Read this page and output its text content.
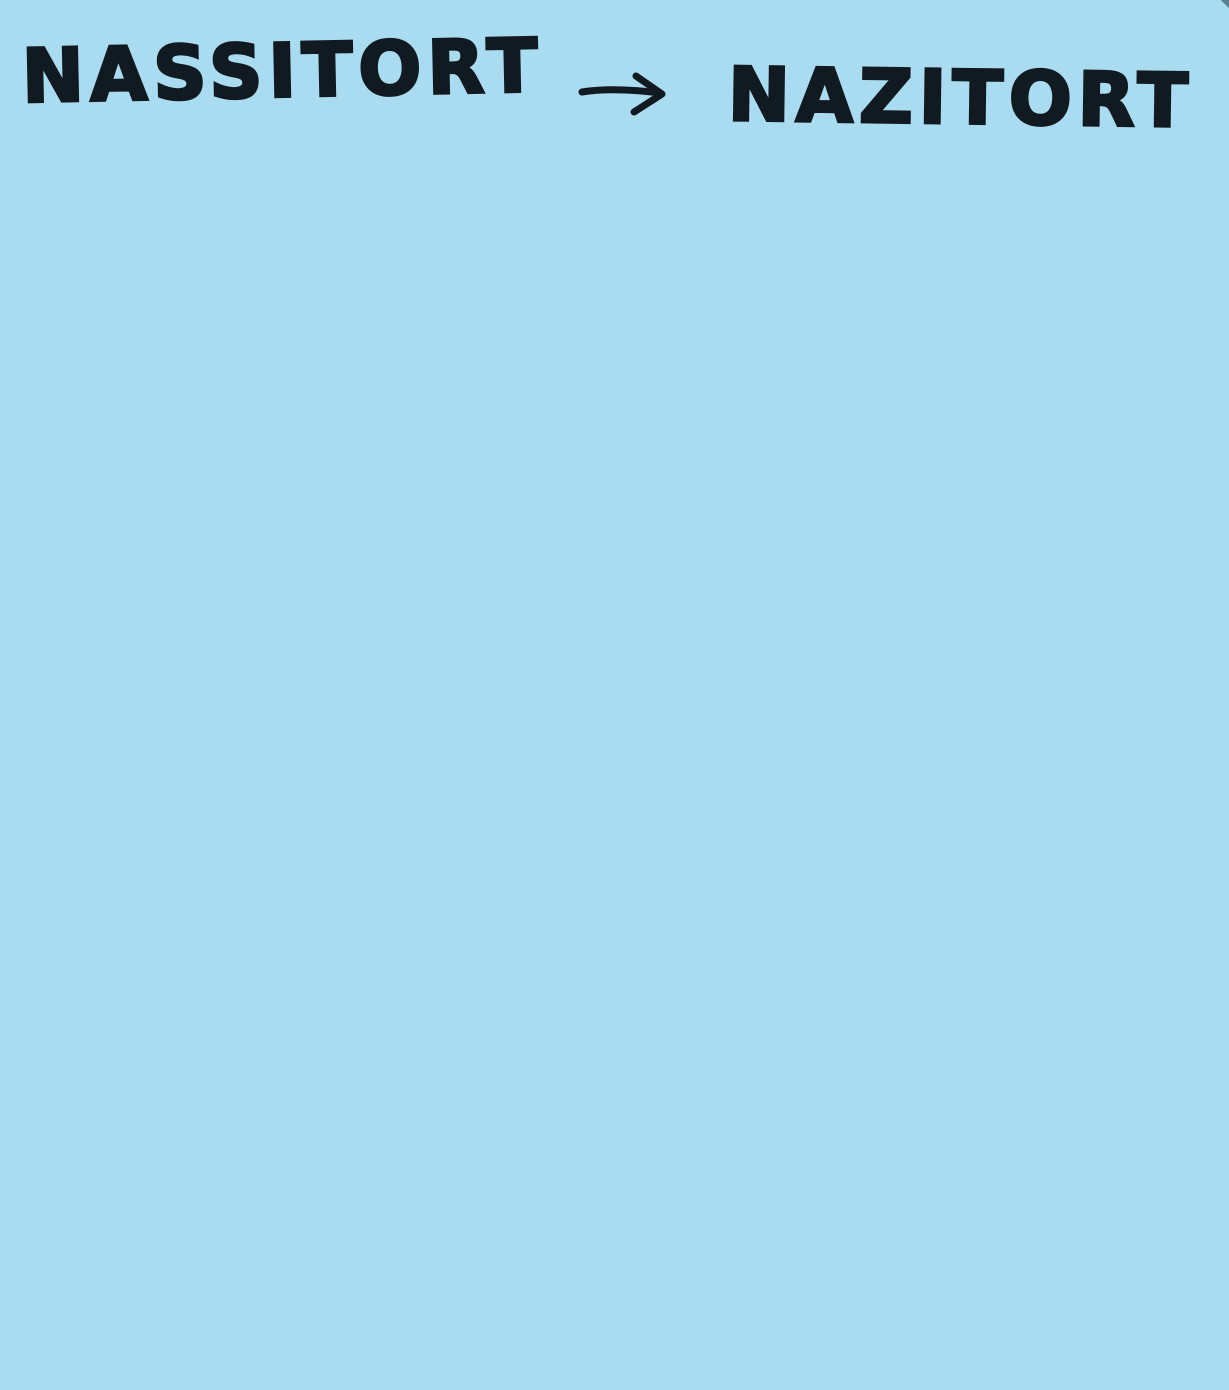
NASSITORT NAZITORT
